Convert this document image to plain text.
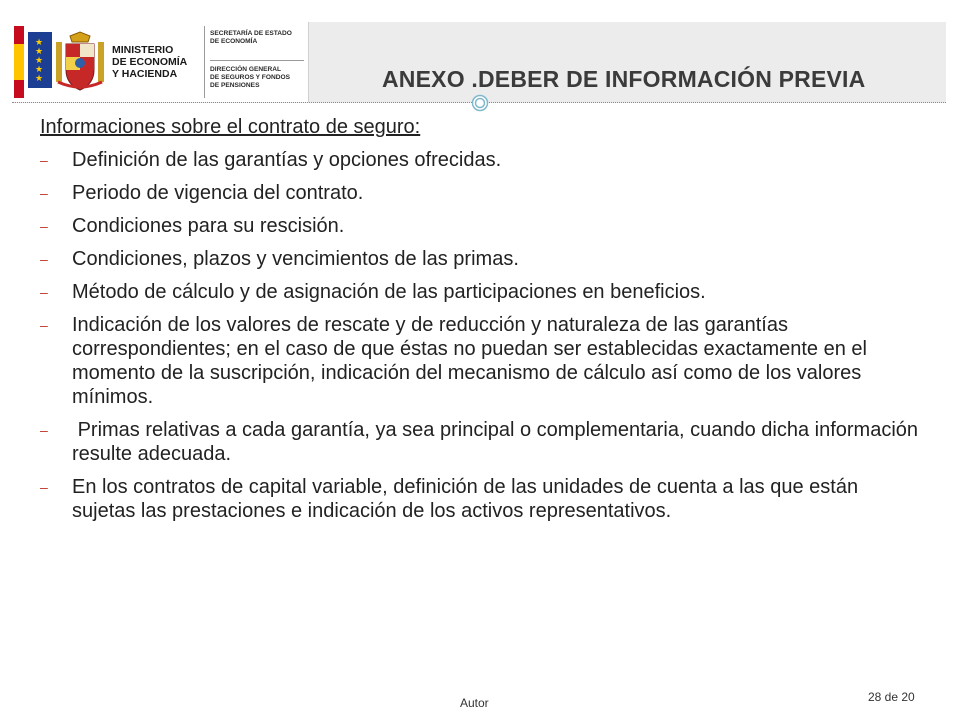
★★★★★	MINISTERIO
DE ECONOMÍA
Y HACIENDA
SECRETARÍA DE ESTADO
DE ECONOMÍA
DIRECCIÓN GENERAL
DE SEGUROS Y FONDOS
DE PENSIONES	ANEXO .DEBER DE INFORMACIÓN PREVIA
Informaciones sobre el contrato de seguro:
–	Definición de las garantías y opciones ofrecidas.
–	Periodo de vigencia del contrato.
–	Condiciones para su rescisión.
–	Condiciones, plazos y vencimientos de las primas.
–	Método de cálculo y de asignación de las participaciones en beneficios.
–	Indicación de los valores de rescate y de reducción y naturaleza de las garantías correspondientes; en el caso de que éstas no puedan ser establecidas exactamente en el momento de la suscripción, indicación del mecanismo de cálculo así como de los valores mínimos.
–	Primas relativas a cada garantía, ya sea principal o complementaria, cuando dicha información resulte adecuada.
–	En los contratos de capital variable, definición de las unidades de cuenta a las que están sujetas las prestaciones e indicación de los activos representativos.
Autor	28 de 20
